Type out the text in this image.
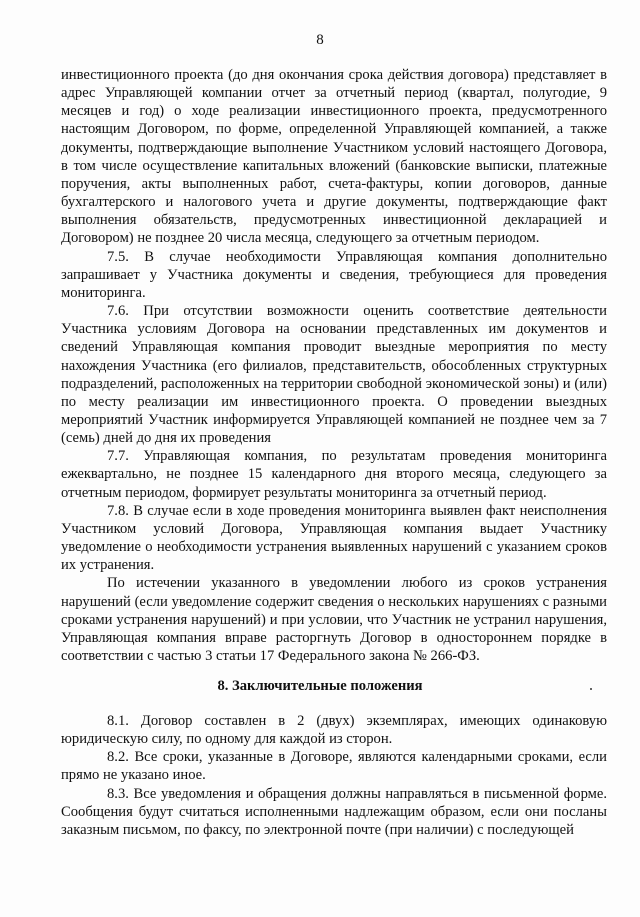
8

инвестиционного проекта (до дня окончания срока действия договора) представляет в адрес Управляющей компании отчет за отчетный период (квартал, полугодие, 9 месяцев и год) о ходе реализации инвестиционного проекта, предусмотренного настоящим Договором, по форме, определенной Управляющей компанией, а также документы, подтверждающие выполнение Участником условий настоящего Договора, в том числе осуществление капитальных вложений (банковские выписки, платежные поручения, акты выполненных работ, счета-фактуры, копии договоров, данные бухгалтерского и налогового учета и другие документы, подтверждающие факт выполнения обязательств, предусмотренных инвестиционной декларацией и Договором) не позднее 20 числа месяца, следующего за отчетным периодом.

7.5. В случае необходимости Управляющая компания дополнительно запрашивает у Участника документы и сведения, требующиеся для проведения мониторинга.

7.6. При отсутствии возможности оценить соответствие деятельности Участника условиям Договора на основании представленных им документов и сведений Управляющая компания проводит выездные мероприятия по месту нахождения Участника (его филиалов, представительств, обособленных структурных подразделений, расположенных на территории свободной экономической зоны) и (или) по месту реализации им инвестиционного проекта. О проведении выездных мероприятий Участник информируется Управляющей компанией не позднее чем за 7 (семь) дней до дня их проведения

7.7. Управляющая компания, по результатам проведения мониторинга ежеквартально, не позднее 15 календарного дня второго месяца, следующего за отчетным периодом, формирует результаты мониторинга за отчетный период.

7.8. В случае если в ходе проведения мониторинга выявлен факт неисполнения Участником условий Договора, Управляющая компания выдает Участнику уведомление о необходимости устранения выявленных нарушений с указанием сроков их устранения.

По истечении указанного в уведомлении любого из сроков устранения нарушений (если уведомление содержит сведения о нескольких нарушениях с разными сроками устранения нарушений) и при условии, что Участник не устранил нарушения, Управляющая компания вправе расторгнуть Договор в одностороннем порядке в соответствии с частью 3 статьи 17 Федерального закона № 266-ФЗ.

8. Заключительные положения

8.1. Договор составлен в 2 (двух) экземплярах, имеющих одинаковую юридическую силу, по одному для каждой из сторон.

8.2. Все сроки, указанные в Договоре, являются календарными сроками, если прямо не указано иное.

8.3. Все уведомления и обращения должны направляться в письменной форме. Сообщения будут считаться исполненными надлежащим образом, если они посланы заказным письмом, по факсу, по электронной почте (при наличии) с последующей
